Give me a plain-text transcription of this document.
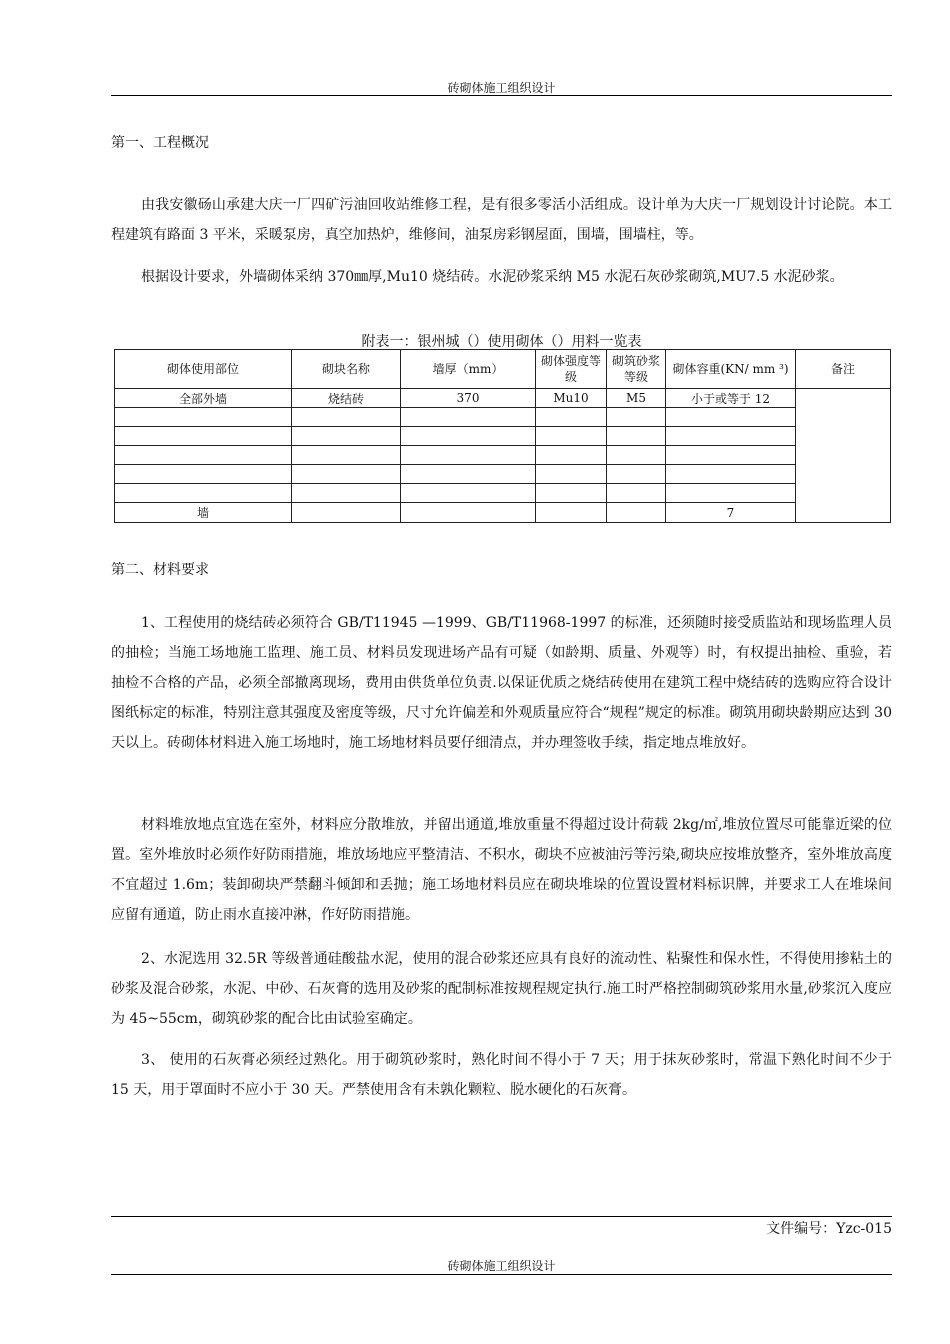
砖砌体施工组织设计
第一、工程概况

由我安徽砀山承建大庆一厂四矿污油回收站维修工程，是有很多零活小活组成。设计单为大庆一厂规划设计讨论院。本工程建筑有路面 3 平米，采暖泵房，真空加热炉，维修间，油泵房彩钢屋面，围墙，围墙柱，等。

根据设计要求，外墙砌体采纳 370㎜厚,Mu10 烧结砖。水泥砂浆采纳 M5 水泥石灰砂浆砌筑,MU7.5 水泥砂浆。

附表一：银州城（）使用砌体（）用料一览表
砌体使用部位	砌块名称	墙厚（mm）	砌体强度等级	砌筑砂浆等级	砌体容重(KN/ mm ³)	备注
全部外墙	烧结砖	370	Mu10	M5	小于或等于 12	

墙					7	
第二、材料要求

1、工程使用的烧结砖必须符合 GB/T11945 —1999、GB/T11968-1997 的标准，还须随时接受质监站和现场监理人员的抽检；当施工场地施工监理、施工员、材料员发现进场产品有可疑（如龄期、质量、外观等）时，有权提出抽检、重验，若抽检不合格的产品，必须全部撤离现场，费用由供货单位负责.以保证优质之烧结砖使用在建筑工程中烧结砖的选购应符合设计图纸标定的标准，特别注意其强度及密度等级，尺寸允许偏差和外观质量应符合“规程”规定的标准。砌筑用砌块龄期应达到 30 天以上。砖砌体材料进入施工场地时，施工场地材料员要仔细清点，并办理签收手续，指定地点堆放好。

材料堆放地点宜选在室外，材料应分散堆放，并留出通道,堆放重量不得超过设计荷载 2kg/㎡,堆放位置尽可能靠近梁的位置。室外堆放时必须作好防雨措施，堆放场地应平整清洁、不积水，砌块不应被油污等污染,砌块应按堆放整齐，室外堆放高度不宜超过 1.6m；装卸砌块严禁翻斗倾卸和丢抛；施工场地材料员应在砌块堆垛的位置设置材料标识牌，并要求工人在堆垛间应留有通道，防止雨水直接冲淋，作好防雨措施。

2、水泥选用 32.5R 等级普通硅酸盐水泥，使用的混合砂浆还应具有良好的流动性、粘聚性和保水性，不得使用掺粘土的砂浆及混合砂浆，水泥、中砂、石灰膏的选用及砂浆的配制标准按规程规定执行.施工时严格控制砌筑砂浆用水量,砂浆沉入度应为 45~55cm，砌筑砂浆的配合比由试验室确定。

3、 使用的石灰膏必须经过熟化。用于砌筑砂浆时，熟化时间不得小于 7 天；用于抹灰砂浆时，常温下熟化时间不少于 15 天，用于罩面时不应小于 30 天。严禁使用含有未孰化颗粒、脱水硬化的石灰膏。

文件编号：Yzc-015
砖砌体施工组织设计
